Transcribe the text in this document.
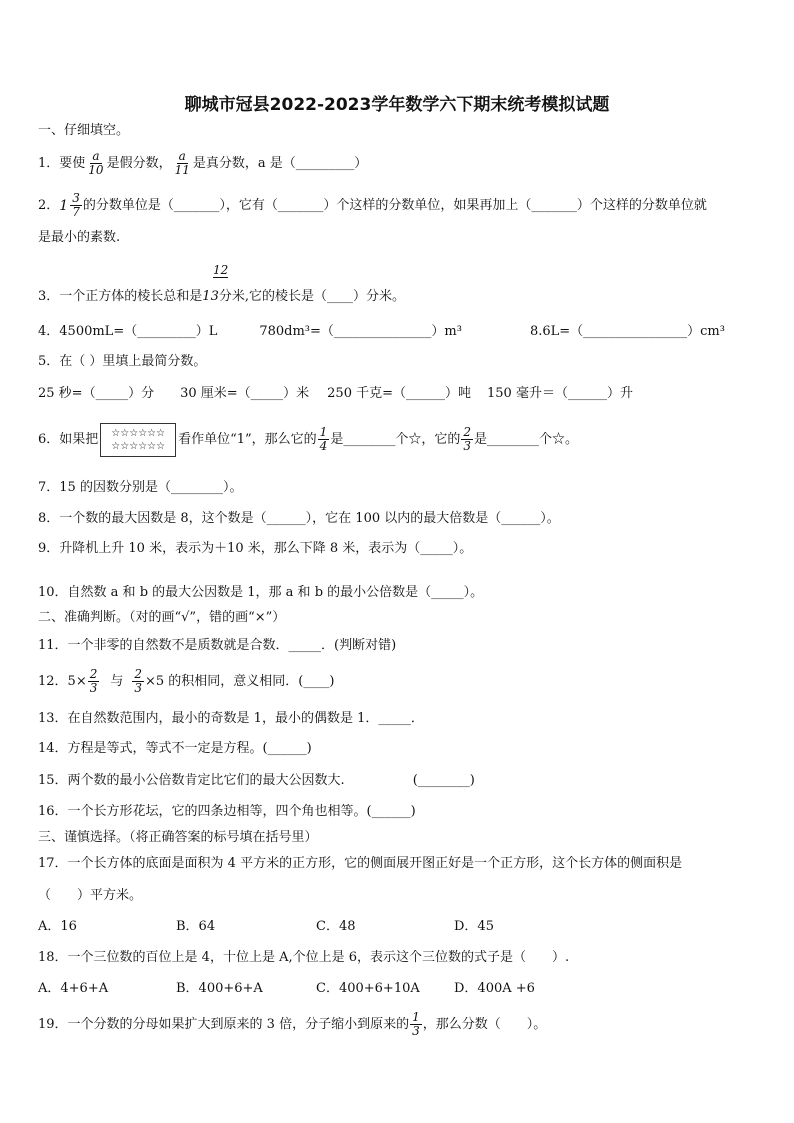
聊城市冠县2022-2023学年数学六下期末统考模拟试题
一、仔细填空。
1．要使 $\frac{a}{10}$ 是假分数， $\frac{a}{11}$ 是真分数，a 是（_________）
2． $1 \frac{3}{7}$ 的分数单位是（_______），它有（_______）个这样的分数单位，如果再加上（_______）个这样的分数单位就
是最小的素数.
12
3．一个正方体的棱长总和是13分米,它的棱长是（____）分米。
4．4500mL=（_________）L	780dm³=（_______________）m³	8.6L=（________________）cm³
5．在（ ）里填上最简分数。
25 秒=（_____）分 30 厘米=（_____）米 250 千克=（______）吨 150 毫升＝（______）升
6．如果把 ☆☆☆☆☆☆
☆☆☆☆☆☆ 看作单位“1”，那么它的 $\frac{1}{4}$ 是________个☆，它的 $\frac{2}{3}$ 是________个☆。
7．15 的因数分别是（________）。
8．一个数的最大因数是 8，这个数是（______），它在 100 以内的最大倍数是（______）。
9．升降机上升 10 米，表示为＋10 米，那么下降 8 米，表示为（_____）。
10．自然数 a 和 b 的最大公因数是 1，那 a 和 b 的最小公倍数是（_____）。
二、准确判断。（对的画“√”，错的画“×”）
11．一个非零的自然数不是质数就是合数．_____．(判断对错)
12．$5\times \frac{2}{3}$ 与 $\frac{2}{3} \times 5$ 的积相同，意义相同．(____)
13．在自然数范围内，最小的奇数是 1，最小的偶数是 1．_____．
14．方程是等式，等式不一定是方程。(______)
15．两个数的最小公倍数肯定比它们的最大公因数大.	(________)
16．一个长方形花坛，它的四条边相等，四个角也相等。(______)
三、谨慎选择。（将正确答案的标号填在括号里）
17．一个长方体的底面是面积为 4 平方米的正方形，它的侧面展开图正好是一个正方形，这个长方体的侧面积是
（　　）平方米。
A．16	B．64	C．48	D．45
18．一个三位数的百位上是 4，十位上是 A,个位上是 6，表示这个三位数的式子是（　　）.
A．4+6+A	B．400+6+A	C．400+6+10A	D．400A +6
19．一个分数的分母如果扩大到原来的 3 倍，分子缩小到原来的 $\frac{1}{3}$ ，那么分数（　　）。
